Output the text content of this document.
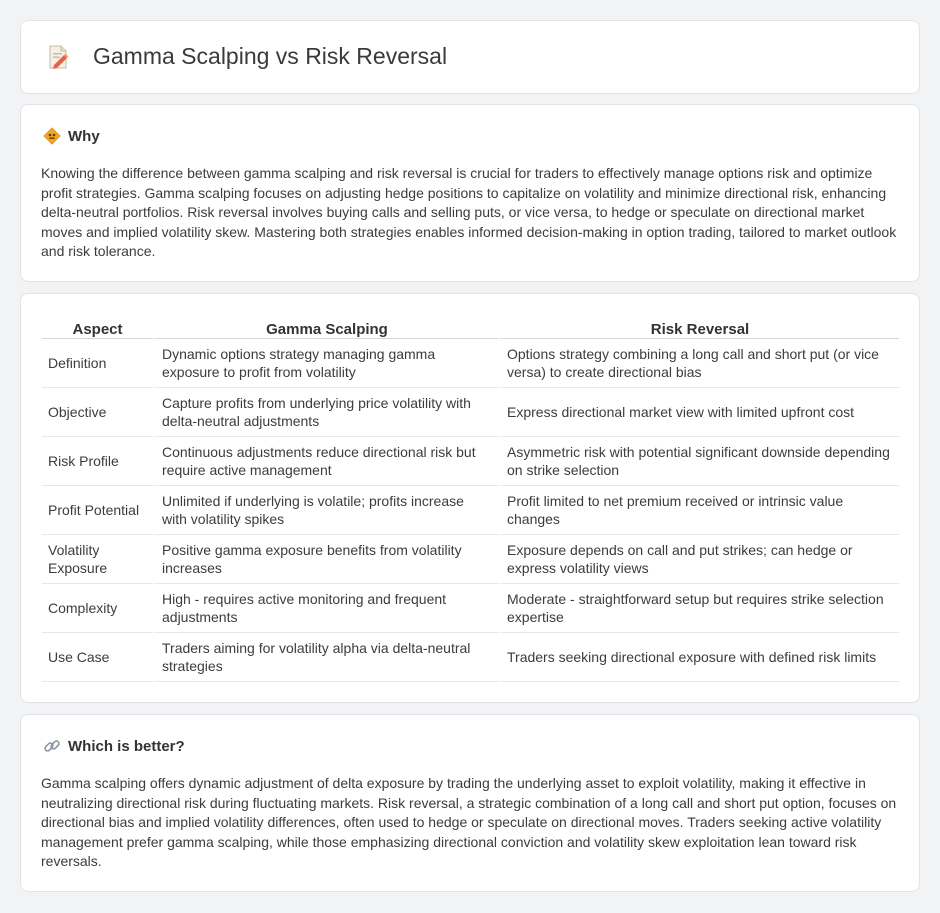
Gamma Scalping vs Risk Reversal
Why

Knowing the difference between gamma scalping and risk reversal is crucial for traders to effectively manage options risk and optimize profit strategies. Gamma scalping focuses on adjusting hedge positions to capitalize on volatility and minimize directional risk, enhancing delta-neutral portfolios. Risk reversal involves buying calls and selling puts, or vice versa, to hedge or speculate on directional market moves and implied volatility skew. Mastering both strategies enables informed decision-making in option trading, tailored to market outlook and risk tolerance.

Aspect	Gamma Scalping	Risk Reversal
Definition	Dynamic options strategy managing gamma exposure to profit from volatility	Options strategy combining a long call and short put (or vice versa) to create directional bias
Objective	Capture profits from underlying price volatility with delta-neutral adjustments	Express directional market view with limited upfront cost
Risk Profile	Continuous adjustments reduce directional risk but require active management	Asymmetric risk with potential significant downside depending on strike selection
Profit Potential	Unlimited if underlying is volatile; profits increase with volatility spikes	Profit limited to net premium received or intrinsic value changes
Volatility Exposure	Positive gamma exposure benefits from volatility increases	Exposure depends on call and put strikes; can hedge or express volatility views
Complexity	High - requires active monitoring and frequent adjustments	Moderate - straightforward setup but requires strike selection expertise
Use Case	Traders aiming for volatility alpha via delta-neutral strategies	Traders seeking directional exposure with defined risk limits
Which is better?

Gamma scalping offers dynamic adjustment of delta exposure by trading the underlying asset to exploit volatility, making it effective in neutralizing directional risk during fluctuating markets. Risk reversal, a strategic combination of a long call and short put option, focuses on directional bias and implied volatility differences, often used to hedge or speculate on directional moves. Traders seeking active volatility management prefer gamma scalping, while those emphasizing directional conviction and volatility skew exploitation lean toward risk reversals.
